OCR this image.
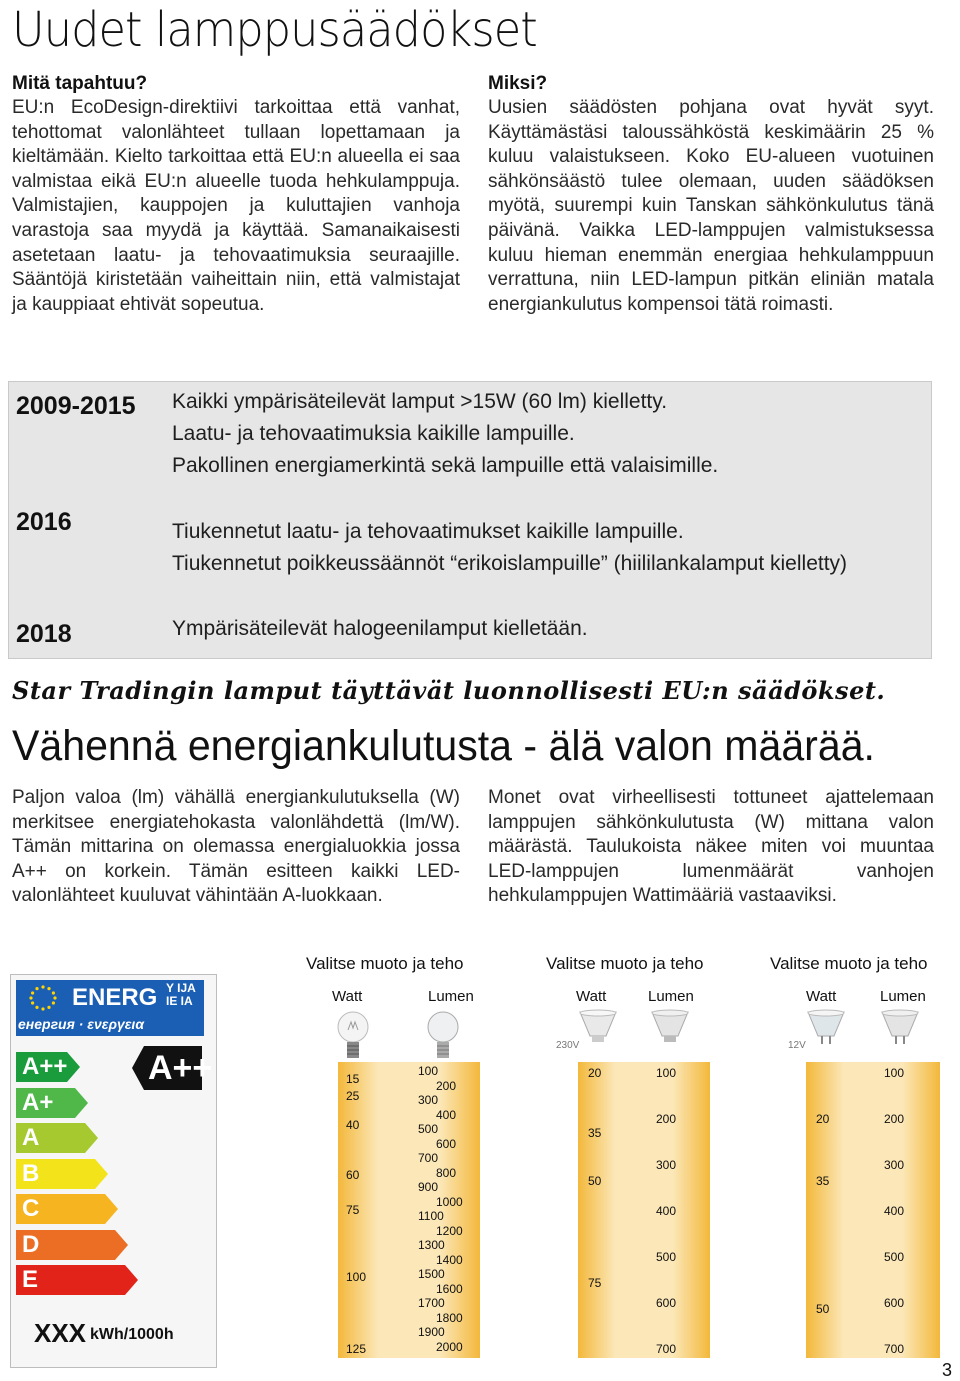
Uudet lamppusäädökset
Mitä tapahtuu?

EU:n EcoDesign-direktiivi tarkoittaa että vanhat, tehottomat valonlähteet tullaan lopettamaan ja kieltämään. Kielto tarkoittaa että EU:n alueella ei saa valmistaa eikä EU:n alueelle tuoda hehkulamppuja. Valmistajien, kauppojen ja kuluttajien vanhoja varastoja saa myydä ja käyttää. Samanaikaisesti asetetaan laatu- ja tehovaatimuksia seuraajille. Sääntöjä kiristetään vaiheittain niin, että valmistajat ja kauppiaat ehtivät sopeutua.

Miksi?

Uusien säädösten pohjana ovat hyvät syyt. Käyttämästäsi taloussähköstä keskimäärin 25 % kuluu valaistukseen. Koko EU-alueen vuotuinen sähkönsäästö tulee olemaan, uuden säädöksen myötä, suurempi kuin Tanskan sähkönkulutus tänä päivänä. Vaikka LED-lamppujen valmistuksessa kuluu hieman enemmän energiaa hehkulamppuun verrattuna, niin LED-lampun pitkän eliniän matala energiankulutus kompensoi tätä roimasti.

2009-2015 Kaikki ympärisäteilevät lamput >15W (60 lm) kielletty.
Laatu- ja tehovaatimuksia kaikille lampuille.
Pakollinen energiamerkintä sekä lampuille että valaisimille.
2016	Tiukennetut laatu- ja tehovaatimukset kaikille lampuille.
Tiukennetut poikkeussäännöt “erikoislampuille” (hiililankalamput kielletty)
2018	Ympärisäteilevät halogeenilamput kielletään.
Star Tradingin lamput täyttävät luonnollisesti EU:n säädökset.
Vähennä energiankulutusta - älä valon määrää.

Paljon valoa (lm) vähällä energiankulutuksella (W) merkitsee energiatehokasta valonlähdettä (lm/W). Tämän mittarina on olemassa energialuokkia jossa A++ on korkein. Tämän esitteen kaikki LED-valonlähteet kuuluvat vähintään A-luokkaan.

Monet ovat virheellisesti tottuneet ajattelemaan lamppujen sähkönkulutusta (W) mittana valon määrästä. Taulukoista näkee miten voi muuntaa LED-lamppujen lumenmäärät vanhojen hehkulamppujen Wattimääriä vastaaviksi.

ENERG Y IJA
IE IA
енергия · ενεργεια
A++
A+
A
B
C
D
E
A++
XXX kWh/1000h
Valitse muoto ja teho
Watt	Lumen
Valitse muoto ja teho
Watt	Lumen
230V
Valitse muoto ja teho
Watt	Lumen
12V
100
200
300
400
500
600
700
800
900
1000
1100
1200
1300
1400
1500
1600
1700
1800
1900
2000
15
25
40
60
75
100
125
100
200
300
400
500
600
700
20
35
50
75
100
200
300
400
500
600
700
20
35
50
3
